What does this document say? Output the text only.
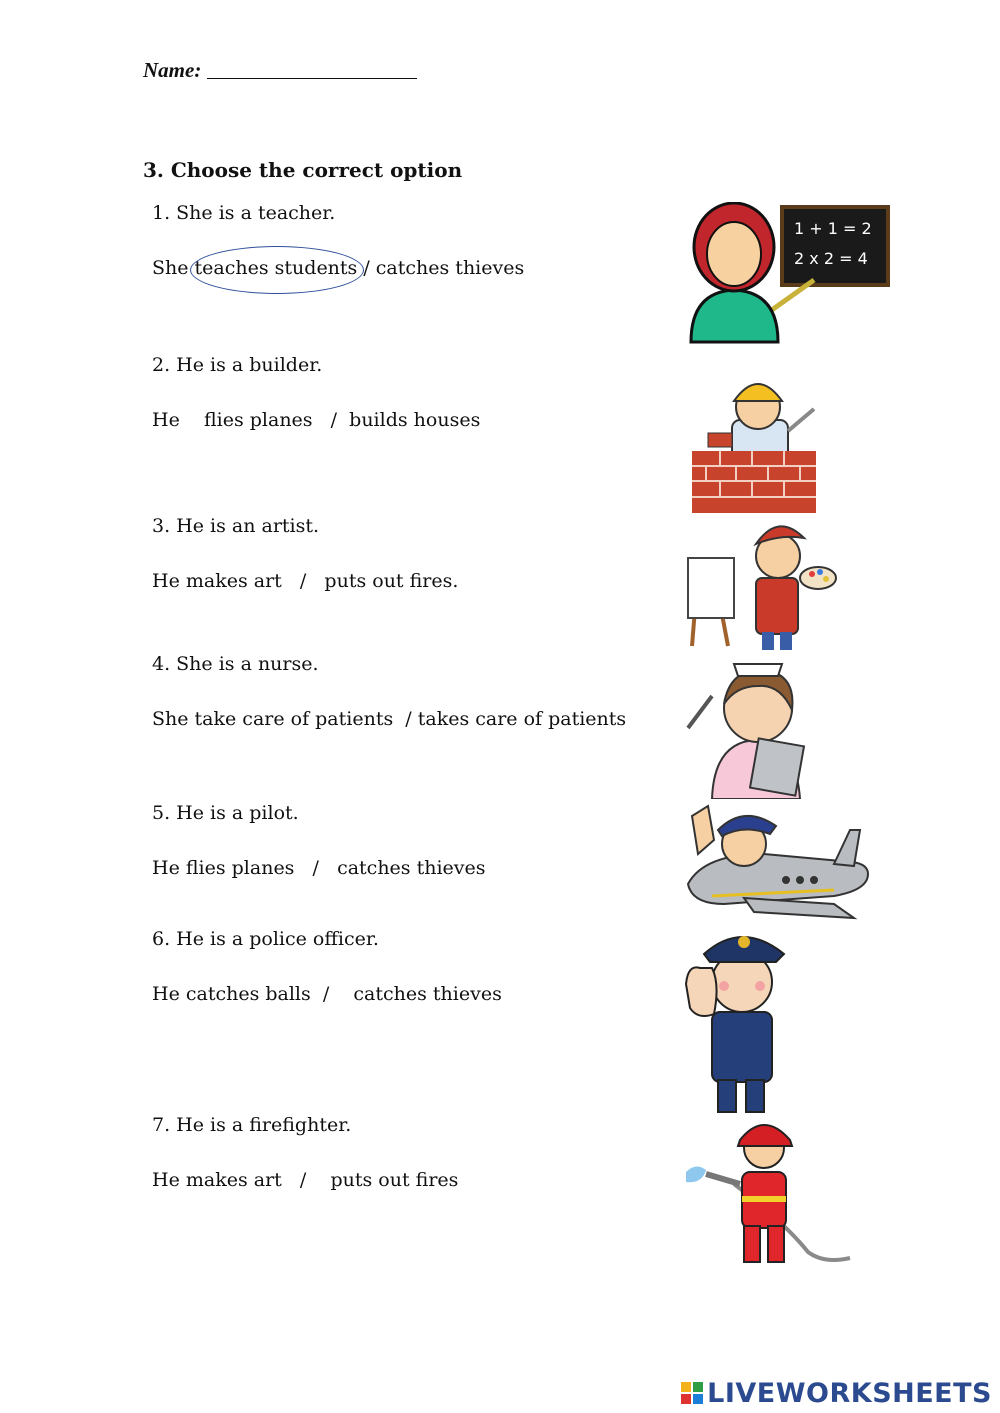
Name:
3. Choose the correct option
1. She is a teacher.
She teaches students / catches thieves
2. He is a builder.
He    flies planes   /  builds houses
3. He is an artist.
He makes art   /   puts out fires.
4. She is a nurse.
She take care of patients  / takes care of patients
5. He is a pilot.
He flies planes   /   catches thieves
6. He is a police officer.
He catches balls  /    catches thieves
7. He is a firefighter.
He makes art   /    puts out fires
1 + 1 = 2
2 x 2 = 4
LIVEWORKSHEETS
